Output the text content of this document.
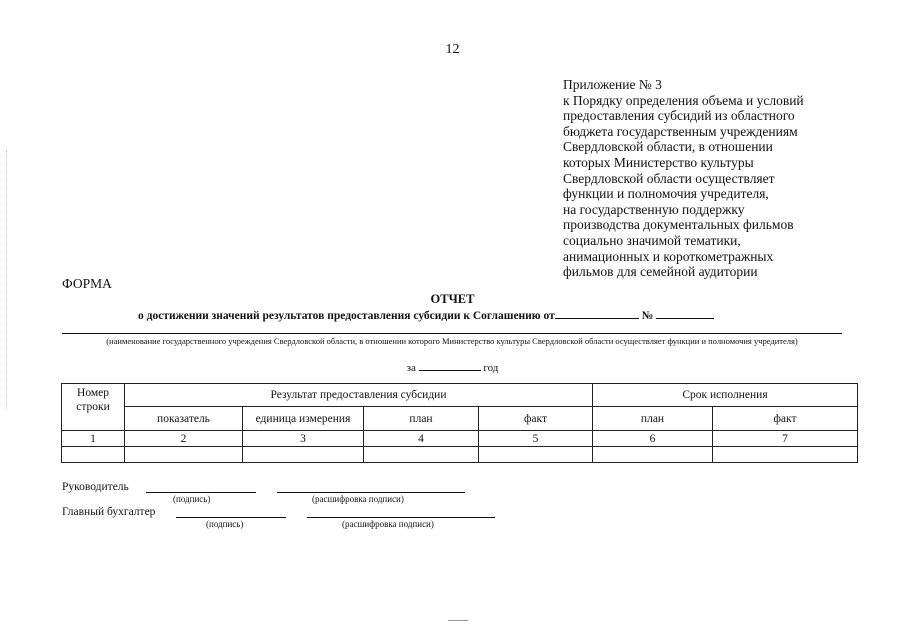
12
Приложение № 3
к Порядку определения объема и условий
предоставления субсидий из областного
бюджета государственным учреждениям
Свердловской области, в отношении
которых Министерство культуры
Свердловской области осуществляет
функции и полномочия учредителя,
на государственную поддержку
производства документальных фильмов
социально значимой тематики,
анимационных и короткометражных
фильмов для семейной аудитории
ФОРМА
ОТЧЕТ
о достижении значений результатов предоставления субсидии к Соглашению от	№
(наименование государственного учреждения Свердловской области, в отношении которого Министерство культуры Свердловской области осуществляет функции и полномочия учредителя)
за	год
Номер строки	Результат предоставления субсидии				Срок исполнения	
	показатель	единица измерения	план	факт	план	факт
1	2	3	4	5	6	7

Руководитель
(подпись)	(расшифровка подписи)
Главный бухгалтер
(подпись)	(расшифровка подписи)
